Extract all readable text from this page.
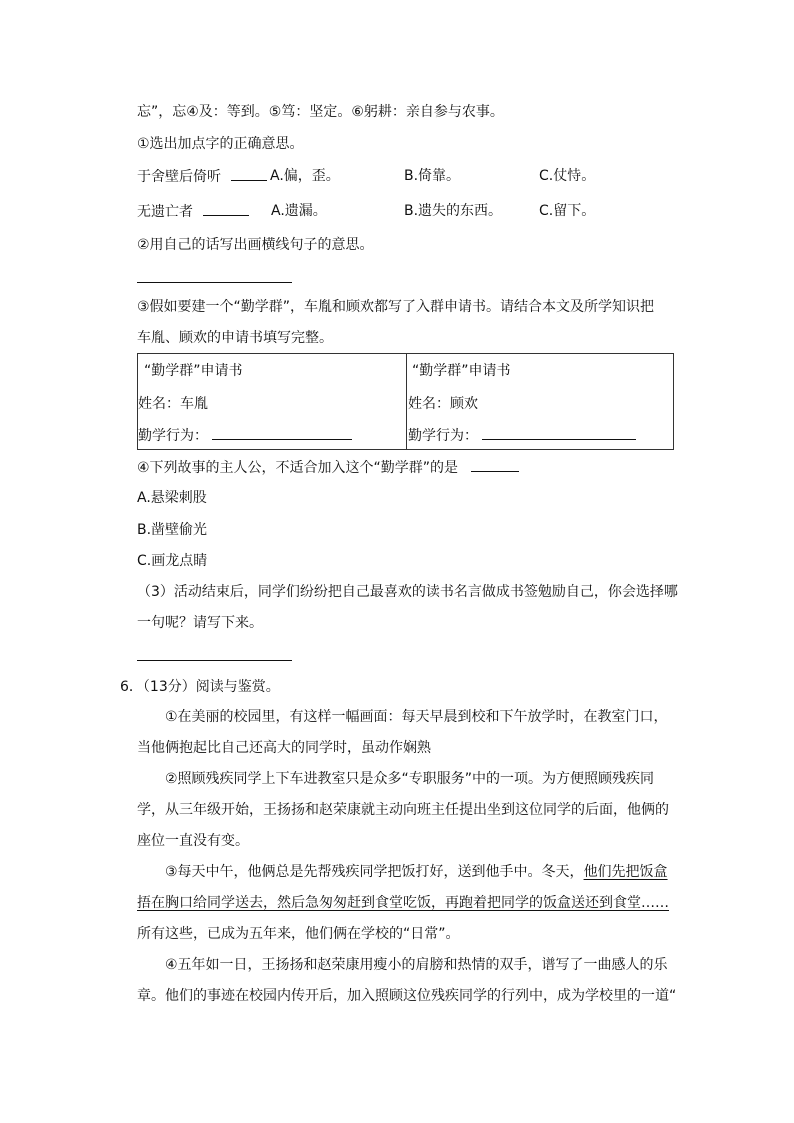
忘”，忘④及：等到。⑤笃：坚定。⑥躬耕：亲自参与农事。
①选出加点字的正确意思。
于舍壁后倚听	A.偏，歪。	B.倚靠。	C.仗恃。
无遗亡者	A.遗漏。	B.遗失的东西。	C.留下。
②用自己的话写出画横线句子的意思。
③假如要建一个“勤学群”，车胤和顾欢都写了入群申请书。请结合本文及所学知识把
车胤、顾欢的申请书填写完整。
“勤学群”申请书
姓名：车胤
勤学行为：
“勤学群”申请书
姓名：顾欢
勤学行为：
④下列故事的主人公，不适合加入这个“勤学群”的是
A.悬梁刺股
B.凿壁偷光
C.画龙点睛
（3）活动结束后，同学们纷纷把自己最喜欢的读书名言做成书签勉励自己，你会选择哪
一句呢？请写下来。
6．（13分）阅读与鉴赏。
①在美丽的校园里，有这样一幅画面：每天早晨到校和下午放学时，在教室门口，
当他俩抱起比自己还高大的同学时，虽动作娴熟
②照顾残疾同学上下车进教室只是众多“专职服务”中的一项。为方便照顾残疾同
学，从三年级开始，王扬扬和赵荣康就主动向班主任提出坐到这位同学的后面，他俩的
座位一直没有变。
③每天中午，他俩总是先帮残疾同学把饭打好，送到他手中。冬天，他们先把饭盒
捂在胸口给同学送去，然后急匆匆赶到食堂吃饭，再跑着把同学的饭盒送还到食堂……
所有这些，已成为五年来，他们俩在学校的“日常”。
④五年如一日，王扬扬和赵荣康用瘦小的肩膀和热情的双手，谱写了一曲感人的乐
章。他们的事迹在校园内传开后，加入照顾这位残疾同学的行列中，成为学校里的一道“
